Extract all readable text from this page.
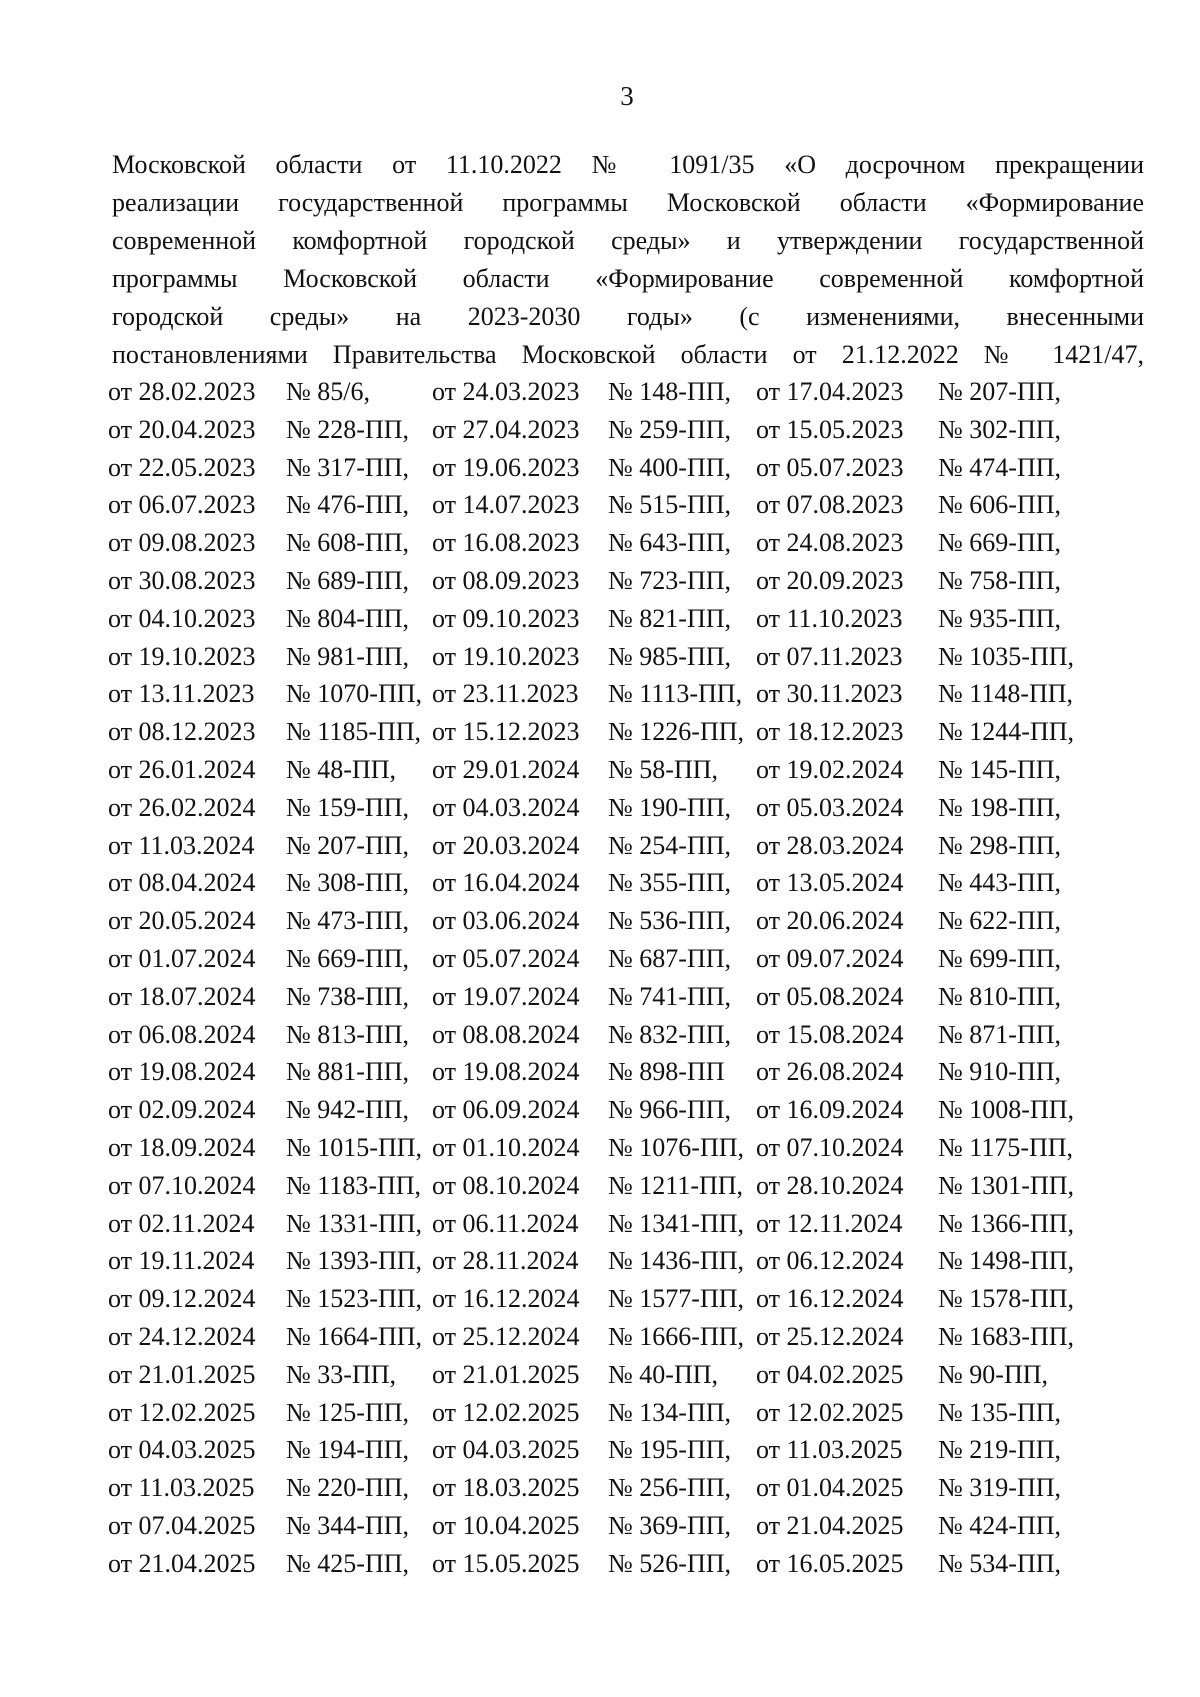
3
Московской области от 11.10.2022 № 1091/35 «О досрочном прекращении
реализации государственной программы Московской области «Формирование
современной комфортной городской среды» и утверждении государственной
программы Московской области «Формирование современной комфортной
городской среды» на 2023-2030 годы» (с изменениями, внесенными
постановлениями Правительства Московской области от 21.12.2022 № 1421/47,
от 28.02.2023 № 85/6, от 24.03.2023 № 148-ПП, от 17.04.2023 № 207-ПП,
от 20.04.2023 № 228-ПП, от 27.04.2023 № 259-ПП, от 15.05.2023 № 302-ПП,
от 22.05.2023 № 317-ПП, от 19.06.2023 № 400-ПП, от 05.07.2023 № 474-ПП,
от 06.07.2023 № 476-ПП, от 14.07.2023 № 515-ПП, от 07.08.2023 № 606-ПП,
от 09.08.2023 № 608-ПП, от 16.08.2023 № 643-ПП, от 24.08.2023 № 669-ПП,
от 30.08.2023 № 689-ПП, от 08.09.2023 № 723-ПП, от 20.09.2023 № 758-ПП,
от 04.10.2023 № 804-ПП, от 09.10.2023 № 821-ПП, от 11.10.2023 № 935-ПП,
от 19.10.2023 № 981-ПП, от 19.10.2023 № 985-ПП, от 07.11.2023 № 1035-ПП,
от 13.11.2023 № 1070-ПП, от 23.11.2023 № 1113-ПП, от 30.11.2023 № 1148-ПП,
от 08.12.2023 № 1185-ПП, от 15.12.2023 № 1226-ПП, от 18.12.2023 № 1244-ПП,
от 26.01.2024 № 48-ПП, от 29.01.2024 № 58-ПП, от 19.02.2024 № 145-ПП,
от 26.02.2024 № 159-ПП, от 04.03.2024 № 190-ПП, от 05.03.2024 № 198-ПП,
от 11.03.2024 № 207-ПП, от 20.03.2024 № 254-ПП, от 28.03.2024 № 298-ПП,
от 08.04.2024 № 308-ПП, от 16.04.2024 № 355-ПП, от 13.05.2024 № 443-ПП,
от 20.05.2024 № 473-ПП, от 03.06.2024 № 536-ПП, от 20.06.2024 № 622-ПП,
от 01.07.2024 № 669-ПП, от 05.07.2024 № 687-ПП, от 09.07.2024 № 699-ПП,
от 18.07.2024 № 738-ПП, от 19.07.2024 № 741-ПП, от 05.08.2024 № 810-ПП,
от 06.08.2024 № 813-ПП, от 08.08.2024 № 832-ПП, от 15.08.2024 № 871-ПП,
от 19.08.2024 № 881-ПП, от 19.08.2024 № 898-ПП от 26.08.2024 № 910-ПП,
от 02.09.2024 № 942-ПП, от 06.09.2024 № 966-ПП, от 16.09.2024 № 1008-ПП,
от 18.09.2024 № 1015-ПП, от 01.10.2024 № 1076-ПП, от 07.10.2024 № 1175-ПП,
от 07.10.2024 № 1183-ПП, от 08.10.2024 № 1211-ПП, от 28.10.2024 № 1301-ПП,
от 02.11.2024 № 1331-ПП, от 06.11.2024 № 1341-ПП, от 12.11.2024 № 1366-ПП,
от 19.11.2024 № 1393-ПП, от 28.11.2024 № 1436-ПП, от 06.12.2024 № 1498-ПП,
от 09.12.2024 № 1523-ПП, от 16.12.2024 № 1577-ПП, от 16.12.2024 № 1578-ПП,
от 24.12.2024 № 1664-ПП, от 25.12.2024 № 1666-ПП, от 25.12.2024 № 1683-ПП,
от 21.01.2025 № 33-ПП, от 21.01.2025 № 40-ПП, от 04.02.2025 № 90-ПП,
от 12.02.2025 № 125-ПП, от 12.02.2025 № 134-ПП, от 12.02.2025 № 135-ПП,
от 04.03.2025 № 194-ПП, от 04.03.2025 № 195-ПП, от 11.03.2025 № 219-ПП,
от 11.03.2025 № 220-ПП, от 18.03.2025 № 256-ПП, от 01.04.2025 № 319-ПП,
от 07.04.2025 № 344-ПП, от 10.04.2025 № 369-ПП, от 21.04.2025 № 424-ПП,
от 21.04.2025 № 425-ПП, от 15.05.2025 № 526-ПП, от 16.05.2025 № 534-ПП,
